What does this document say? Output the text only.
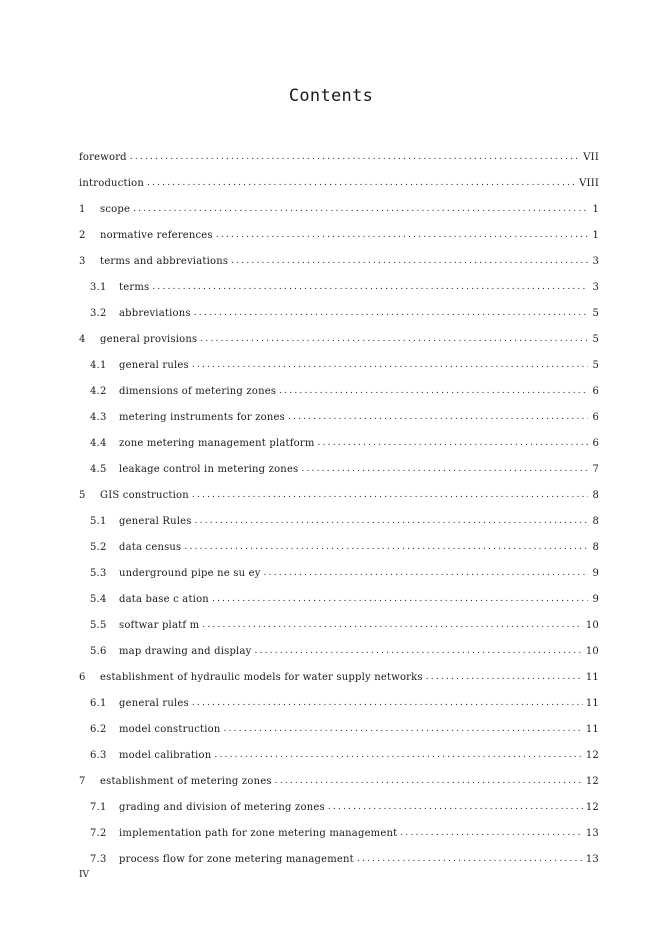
Contents
foreword .....	VII
introduction .....	VIII
1	scope .....	1
2	normative references .....	1
3	terms and abbreviations .....	3
3.1	terms .....	3
3.2	abbreviations .....	5
4	general provisions .....	5
4.1	general rules .....	5
4.2	dimensions of metering zones .....	6
4.3	metering instruments for zones .....	6
4.4	zone metering management platform .....	6
4.5	leakage control in metering zones .....	7
5	GIS construction .....	8
5.1	general Rules .....	8
5.2	data census .....	8
5.3	underground pipe ne su ey .....	9
5.4	data base c ation .....	9
5.5	softwar platf m .....	10
5.6	map drawing and display .....	10
6	establishment of hydraulic models for water supply networks .....	11
6.1	general rules .....	11
6.2	model construction .....	11
6.3	model calibration .....	12
7	establishment of metering zones .....	12
7.1	grading and division of metering zones .....	12
7.2	implementation path for zone metering management .....	13
7.3	process flow for zone metering management .....	13
IV
